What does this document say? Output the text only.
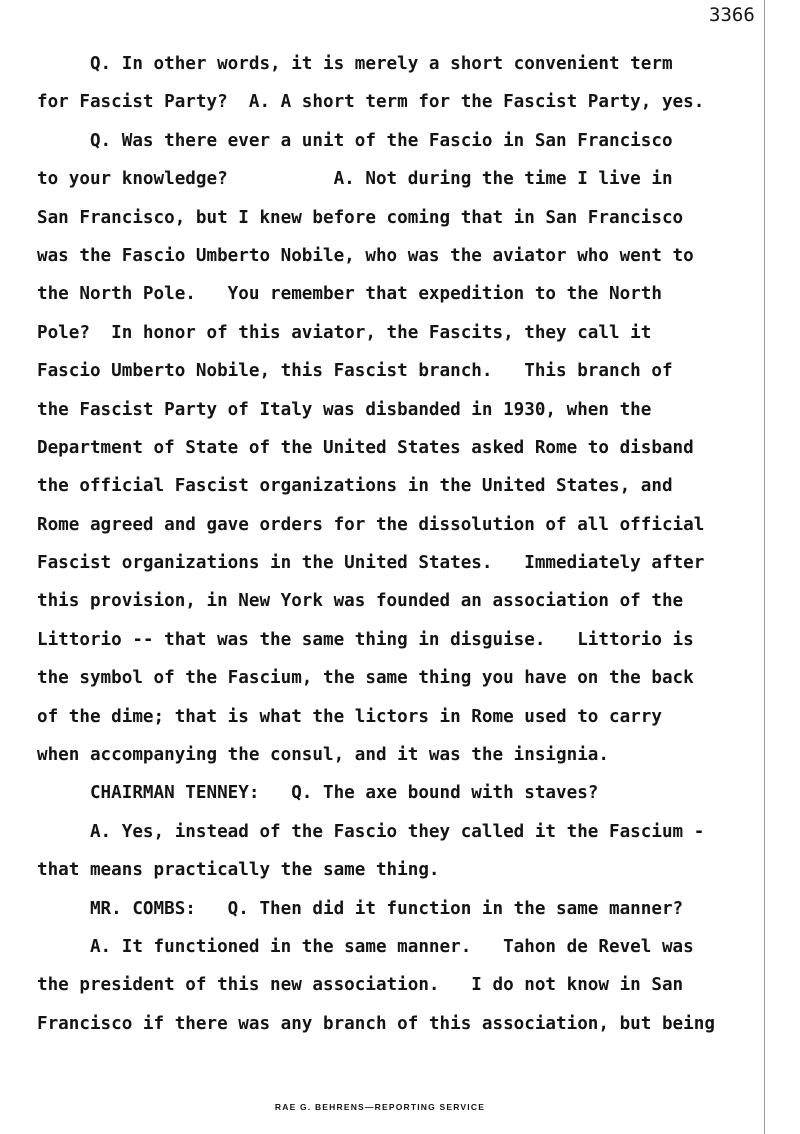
3366
Q. In other words, it is merely a short convenient term
for Fascist Party?  A. A short term for the Fascist Party, yes.
Q. Was there ever a unit of the Fascio in San Francisco
to your knowledge?          A. Not during the time I live in
San Francisco, but I knew before coming that in San Francisco
was the Fascio Umberto Nobile, who was the aviator who went to
the North Pole.   You remember that expedition to the North
Pole?  In honor of this aviator, the Fascits, they call it
Fascio Umberto Nobile, this Fascist branch.   This branch of
the Fascist Party of Italy was disbanded in 1930, when the
Department of State of the United States asked Rome to disband
the official Fascist organizations in the United States, and
Rome agreed and gave orders for the dissolution of all official
Fascist organizations in the United States.   Immediately after
this provision, in New York was founded an association of the
Littorio -- that was the same thing in disguise.   Littorio is
the symbol of the Fascium, the same thing you have on the back
of the dime; that is what the lictors in Rome used to carry
when accompanying the consul, and it was the insignia.
CHAIRMAN TENNEY:   Q. The axe bound with staves?
A. Yes, instead of the Fascio they called it the Fascium -
that means practically the same thing.
MR. COMBS:   Q. Then did it function in the same manner?
A. It functioned in the same manner.   Tahon de Revel was
the president of this new association.   I do not know in San
Francisco if there was any branch of this association, but being
RAE G. BEHRENS—REPORTING SERVICE
